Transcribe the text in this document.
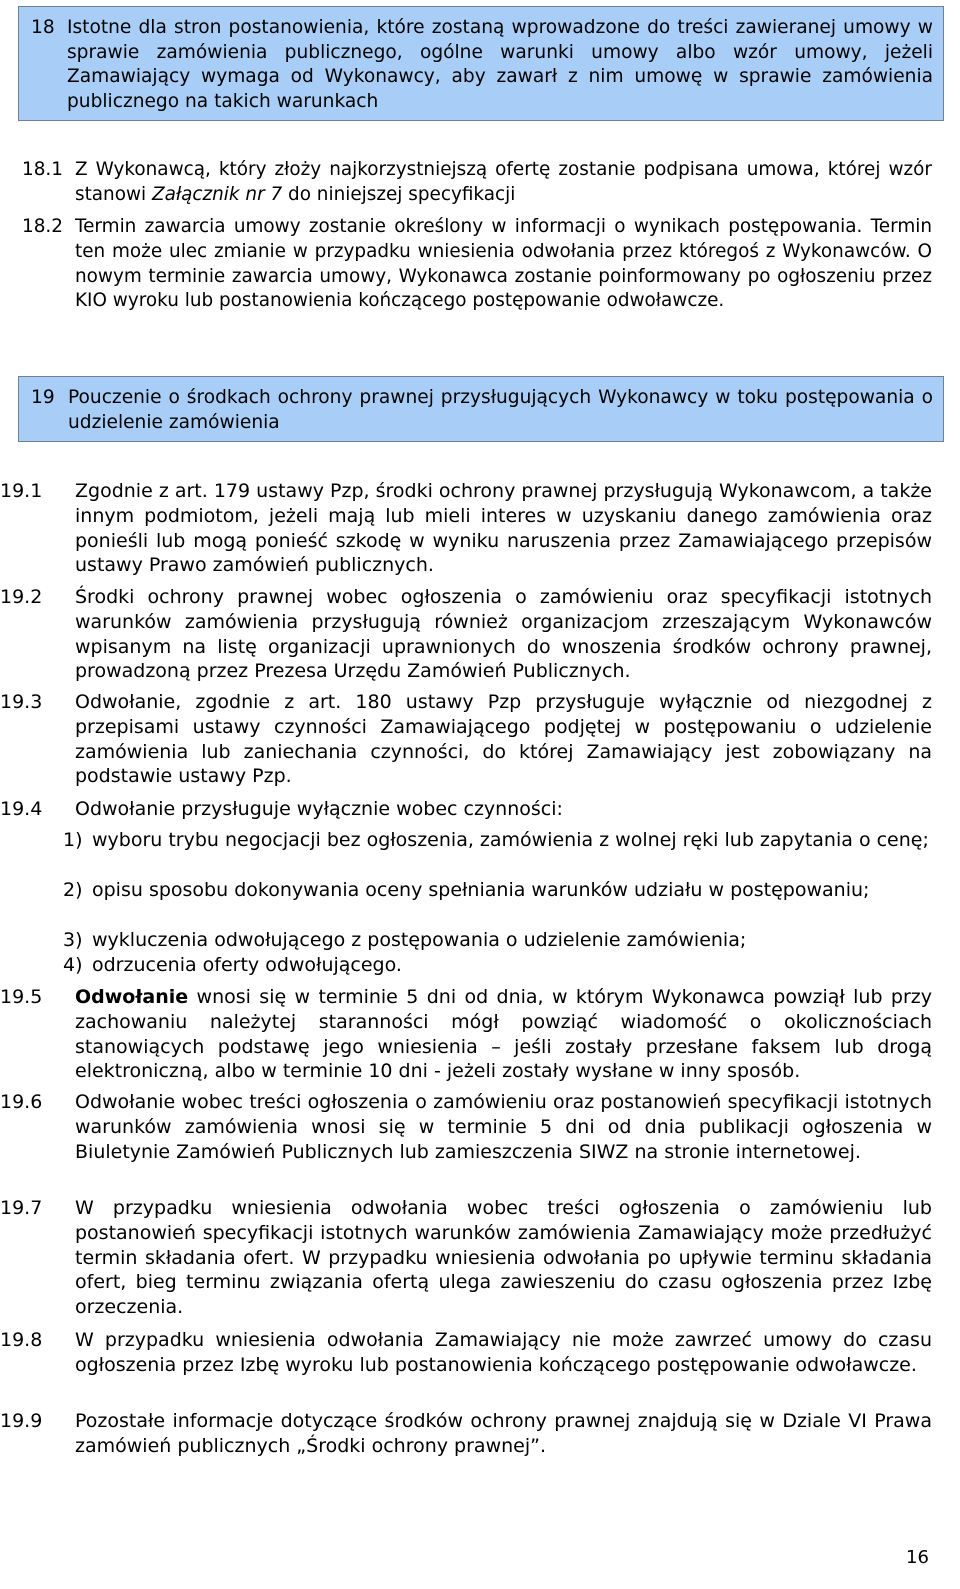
18 Istotne dla stron postanowienia, które zostaną wprowadzone do treści zawieranej umowy w sprawie zamówienia publicznego, ogólne warunki umowy albo wzór umowy, jeżeli Zamawiający wymaga od Wykonawcy, aby zawarł z nim umowę w sprawie zamówienia publicznego na takich warunkach
18.1 Z Wykonawcą, który złoży najkorzystniejszą ofertę zostanie podpisana umowa, której wzór stanowi Załącznik nr 7 do niniejszej specyfikacji
18.2 Termin zawarcia umowy zostanie określony w informacji o wynikach postępowania. Termin ten może ulec zmianie w przypadku wniesienia odwołania przez któregoś z Wykonawców. O nowym terminie zawarcia umowy, Wykonawca zostanie poinformowany po ogłoszeniu przez KIO wyroku lub postanowienia kończącego postępowanie odwoławcze.
19 Pouczenie o środkach ochrony prawnej przysługujących Wykonawcy w toku postępowania o udzielenie zamówienia
19.1	Zgodnie z art. 179 ustawy Pzp, środki ochrony prawnej przysługują Wykonawcom, a także innym podmiotom, jeżeli mają lub mieli interes w uzyskaniu danego zamówienia oraz ponieśli lub mogą ponieść szkodę w wyniku naruszenia przez Zamawiającego przepisów ustawy Prawo zamówień publicznych.
19.2	Środki ochrony prawnej wobec ogłoszenia o zamówieniu oraz specyfikacji istotnych warunków zamówienia przysługują również organizacjom zrzeszającym Wykonawców wpisanym na listę organizacji uprawnionych do wnoszenia środków ochrony prawnej, prowadzoną przez Prezesa Urzędu Zamówień Publicznych.
19.3	Odwołanie, zgodnie z art. 180 ustawy Pzp przysługuje wyłącznie od niezgodnej z przepisami ustawy czynności Zamawiającego podjętej w postępowaniu o udzielenie zamówienia lub zaniechania czynności, do której Zamawiający jest zobowiązany na podstawie ustawy Pzp.
19.4	Odwołanie przysługuje wyłącznie wobec czynności:
1) wyboru trybu negocjacji bez ogłoszenia, zamówienia z wolnej ręki lub zapytania o cenę;
2) opisu sposobu dokonywania oceny spełniania warunków udziału w postępowaniu;
3) wykluczenia odwołującego z postępowania o udzielenie zamówienia;
4) odrzucenia oferty odwołującego.
19.5	Odwołanie wnosi się w terminie 5 dni od dnia, w którym Wykonawca powziął lub przy zachowaniu należytej staranności mógł powziąć wiadomość o okolicznościach stanowiących podstawę jego wniesienia – jeśli zostały przesłane faksem lub drogą elektroniczną, albo w terminie 10 dni - jeżeli zostały wysłane w inny sposób.
19.6	Odwołanie wobec treści ogłoszenia o zamówieniu oraz postanowień specyfikacji istotnych warunków zamówienia wnosi się w terminie 5 dni od dnia publikacji ogłoszenia w Biuletynie Zamówień Publicznych lub zamieszczenia SIWZ na stronie internetowej.
19.7	W przypadku wniesienia odwołania wobec treści ogłoszenia o zamówieniu lub postanowień specyfikacji istotnych warunków zamówienia Zamawiający może przedłużyć termin składania ofert. W przypadku wniesienia odwołania po upływie terminu składania ofert, bieg terminu związania ofertą ulega zawieszeniu do czasu ogłoszenia przez Izbę orzeczenia.
19.8	W przypadku wniesienia odwołania Zamawiający nie może zawrzeć umowy do czasu ogłoszenia przez Izbę wyroku lub postanowienia kończącego postępowanie odwoławcze.
19.9	Pozostałe informacje dotyczące środków ochrony prawnej znajdują się w Dziale VI Prawa zamówień publicznych „Środki ochrony prawnej”.
16
